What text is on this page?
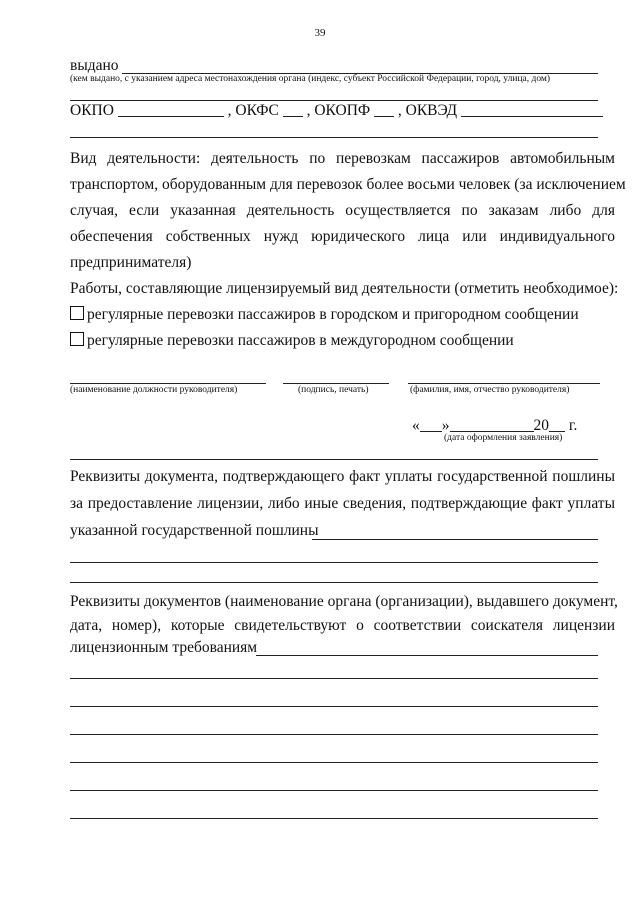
39
выдано
(кем выдано, с указанием адреса местонахождения органа (индекс, субъект Российской Федерации, город, улица, дом)
ОКПО	, ОКФС , ОКОПФ , ОКВЭД
Вид деятельности: деятельность по перевозкам пассажиров автомобильным
транспортом, оборудованным для перевозок более восьми человек (за исключением
случая, если указанная деятельность осуществляется по заказам либо для
обеспечения собственных нужд юридического лица или индивидуального
предпринимателя)
Работы, составляющие лицензируемый вид деятельности (отметить необходимое):
регулярные перевозки пассажиров в городском и пригородном сообщении
регулярные перевозки пассажиров в междугородном сообщении
(наименование должности руководителя)	(подпись, печать)	(фамилия, имя, отчество руководителя)
« »	20 г.
(дата оформления заявления)
Реквизиты документа, подтверждающего факт уплаты государственной пошлины
за предоставление лицензии, либо иные сведения, подтверждающие факт уплаты
указанной государственной пошлины
Реквизиты документов (наименование органа (организации), выдавшего документ,
дата, номер), которые свидетельствуют о соответствии соискателя лицензии
лицензионным требованиям
